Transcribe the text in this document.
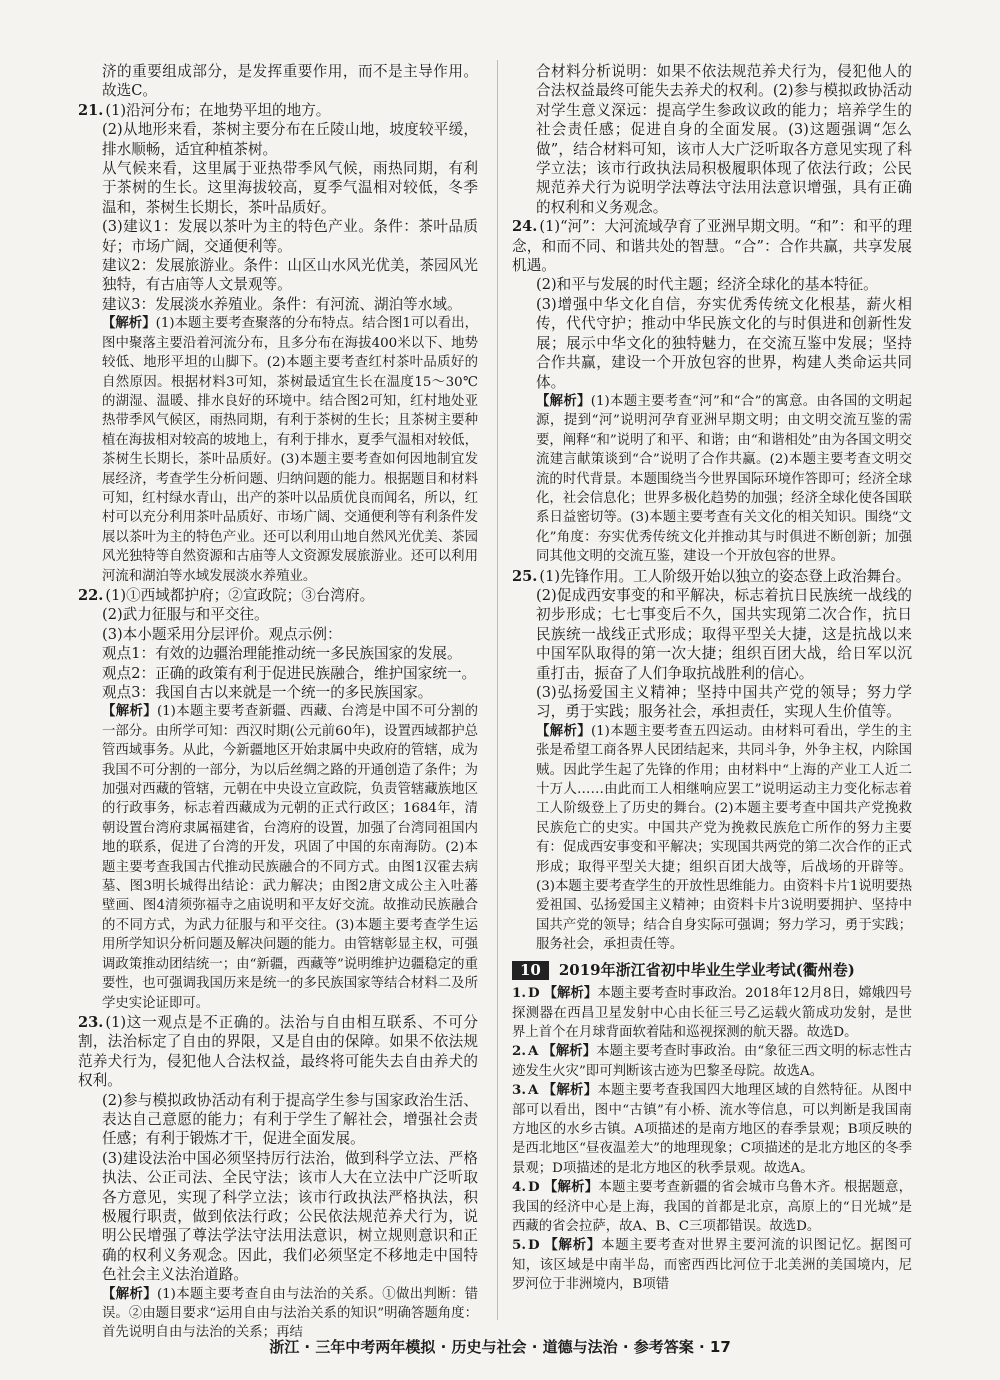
济的重要组成部分，是发挥重要作用，而不是主导作用。故选C。
21. (1)沿河分布；在地势平坦的地方。
(2)从地形来看，茶树主要分布在丘陵山地，坡度较平缓，排水顺畅，适宜种植茶树。
从气候来看，这里属于亚热带季风气候，雨热同期，有利于茶树的生长。这里海拔较高，夏季气温相对较低，冬季温和，茶树生长期长，茶叶品质好。
(3)建议1：发展以茶叶为主的特色产业。条件：茶叶品质好；市场广阔，交通便利等。
建议2：发展旅游业。条件：山区山水风光优美，茶园风光独特，有古庙等人文景观等。
建议3：发展淡水养殖业。条件：有河流、湖泊等水域。
【解析】(1)本题主要考查聚落的分布特点。结合图1可以看出，图中聚落主要沿着河流分布，且多分布在海拔400米以下、地势较低、地形平坦的山脚下。(2)本题主要考查红村茶叶品质好的自然原因。根据材料3可知，茶树最适宜生长在温度15～30℃的湖湿、温暖、排水良好的环境中。结合图2可知，红村地处亚热带季风气候区，雨热同期，有利于茶树的生长；且茶树主要种植在海拔相对较高的坡地上，有利于排水，夏季气温相对较低，茶树生长期长，茶叶品质好。(3)本题主要考查如何因地制宜发展经济，考查学生分析问题、归纳问题的能力。根据题目和材料可知，红村绿水青山，出产的茶叶以品质优良而闻名，所以，红村可以充分利用茶叶品质好、市场广阔、交通便利等有利条件发展以茶叶为主的特色产业。还可以利用山地自然风光优美、茶园风光独特等自然资源和古庙等人文资源发展旅游业。还可以利用河流和湖泊等水域发展淡水养殖业。
22. (1)①西域都护府；②宣政院；③台湾府。
(2)武力征服与和平交往。
(3)本小题采用分层评价。观点示例：
观点1：有效的边疆治理能推动统一多民族国家的发展。
观点2：正确的政策有利于促进民族融合，维护国家统一。
观点3：我国自古以来就是一个统一的多民族国家。
【解析】(1)本题主要考查新疆、西藏、台湾是中国不可分割的一部分。由所学可知：西汉时期(公元前60年)，设置西域都护总管西域事务。从此，今新疆地区开始隶属中央政府的管辖，成为我国不可分割的一部分，为以后丝绸之路的开通创造了条件；为加强对西藏的管辖，元朝在中央设立宣政院，负责管辖藏族地区的行政事务，标志着西藏成为元朝的正式行政区；1684年，清朝设置台湾府隶属福建省，台湾府的设置，加强了台湾同祖国内地的联系，促进了台湾的开发，巩固了中国的东南海防。(2)本题主要考查我国古代推动民族融合的不同方式。由图1汉霍去病墓、图3明长城得出结论：武力解决；由图2唐文成公主入吐蕃壁画、图4清须弥福寺之庙说明和平友好交流。故推动民族融合的不同方式，为武力征服与和平交往。(3)本题主要考查学生运用所学知识分析问题及解决问题的能力。由管辖彰显主权，可强调政策推动团结统一；由“新疆，西藏等”说明维护边疆稳定的重要性，也可强调我国历来是统一的多民族国家等结合材料二及所学史实论证即可。
23. (1)这一观点是不正确的。法治与自由相互联系、不可分割，法治标定了自由的界限，又是自由的保障。如果不依法规范养犬行为，侵犯他人合法权益，最终将可能失去自由养犬的权利。
(2)参与模拟政协活动有利于提高学生参与国家政治生活、表达自己意愿的能力；有利于学生了解社会，增强社会责任感；有利于锻炼才干，促进全面发展。
(3)建设法治中国必须坚持厉行法治，做到科学立法、严格执法、公正司法、全民守法；该市人大在立法中广泛听取各方意见，实现了科学立法；该市行政执法严格执法，积极履行职责，做到依法行政；公民依法规范养犬行为，说明公民增强了尊法学法守法用法意识，树立规则意识和正确的权利义务观念。因此，我们必须坚定不移地走中国特色社会主义法治道路。
【解析】(1)本题主要考查自由与法治的关系。①做出判断：错误。②由题目要求“运用自由与法治关系的知识”明确答题角度：首先说明自由与法治的关系；再结
合材料分析说明：如果不依法规范养犬行为，侵犯他人的合法权益最终可能失去养犬的权利。(2)参与模拟政协活动对学生意义深远：提高学生参政议政的能力；培养学生的社会责任感；促进自身的全面发展。(3)这题强调“怎么做”，结合材料可知，该市人大广泛听取各方意见实现了科学立法；该市行政执法局积极履职体现了依法行政；公民规范养犬行为说明学法尊法守法用法意识增强，具有正确的权利和义务观念。
24. (1)“河”：大河流域孕育了亚洲早期文明。“和”：和平的理念，和而不同、和谐共处的智慧。“合”：合作共赢，共享发展机遇。
(2)和平与发展的时代主题；经济全球化的基本特征。
(3)增强中华文化自信，夯实优秀传统文化根基，薪火相传，代代守护；推动中华民族文化的与时俱进和创新性发展；展示中华文化的独特魅力，在交流互鉴中发展；坚持合作共赢，建设一个开放包容的世界，构建人类命运共同体。
【解析】(1)本题主要考查“河”和“合”的寓意。由各国的文明起源，提到“河”说明河孕育亚洲早期文明；由文明交流互鉴的需要，阐释“和”说明了和平、和谐；由“和谐相处”由为各国文明交流建言献策谈到“合”说明了合作共赢。(2)本题主要考查文明交流的时代背景。本题围绕当今世界国际环境作答即可；经济全球化，社会信息化；世界多极化趋势的加强；经济全球化使各国联系日益密切等。(3)本题主要考查有关文化的相关知识。围绕“文化”角度：夯实优秀传统文化并推动其与时俱进不断创新；加强同其他文明的交流互鉴，建设一个开放包容的世界。
25. (1)先锋作用。工人阶级开始以独立的姿态登上政治舞台。
(2)促成西安事变的和平解决，标志着抗日民族统一战线的初步形成；七七事变后不久，国共实现第二次合作，抗日民族统一战线正式形成；取得平型关大捷，这是抗战以来中国军队取得的第一次大捷；组织百团大战，给日军以沉重打击，振奋了人们争取抗战胜利的信心。
(3)弘扬爱国主义精神；坚持中国共产党的领导；努力学习，勇于实践；服务社会，承担责任，实现人生价值等。
【解析】(1)本题主要考查五四运动。由材料可看出，学生的主张是希望工商各界人民团结起来，共同斗争，外争主权，内除国贼。因此学生起了先锋的作用；由材料中“上海的产业工人近二十万人……由此而工人相继响应罢工”说明运动主力变化标志着工人阶级登上了历史的舞台。(2)本题主要考查中国共产党挽救民族危亡的史实。中国共产党为挽救民族危亡所作的努力主要有：促成西安事变和平解决；实现国共两党的第二次合作的正式形成；取得平型关大捷；组织百团大战等，后战场的开辟等。(3)本题主要考查学生的开放性思维能力。由资料卡片1说明要热爱祖国、弘扬爱国主义精神；由资料卡片3说明要拥护、坚持中国共产党的领导；结合自身实际可强调；努力学习，勇于实践；服务社会，承担责任等。
10 2019年浙江省初中毕业生学业考试(衢州卷)
1. D 【解析】本题主要考查时事政治。2018年12月8日，嫦娥四号探测器在西昌卫星发射中心由长征三号乙运载火箭成功发射，是世界上首个在月球背面软着陆和巡视探测的航天器。故选D。
2. A 【解析】本题主要考查时事政治。由“象征三西文明的标志性古迹发生火灾”即可判断该古迹为巴黎圣母院。故选A。
3. A 【解析】本题主要考查我国四大地理区域的自然特征。从图中部可以看出，图中“古镇”有小桥、流水等信息，可以判断是我国南方地区的水乡古镇。A项描述的是南方地区的春季景观；B项反映的是西北地区“昼夜温差大”的地理现象；C项描述的是北方地区的冬季景观；D项描述的是北方地区的秋季景观。故选A。
4. D 【解析】本题主要考查新疆的省会城市乌鲁木齐。根据题意，我国的经济中心是上海，我国的首都是北京，高原上的“日光城”是西藏的省会拉萨，故A、B、C三项都错误。故选D。
5. D 【解析】本题主要考查对世界主要河流的识图记忆。据图可知，该区域是中南半岛，而密西西比河位于北美洲的美国境内，尼罗河位于非洲境内，B项错
浙江 · 三年中考两年模拟 · 历史与社会 · 道德与法治 · 参考答案 · 17
